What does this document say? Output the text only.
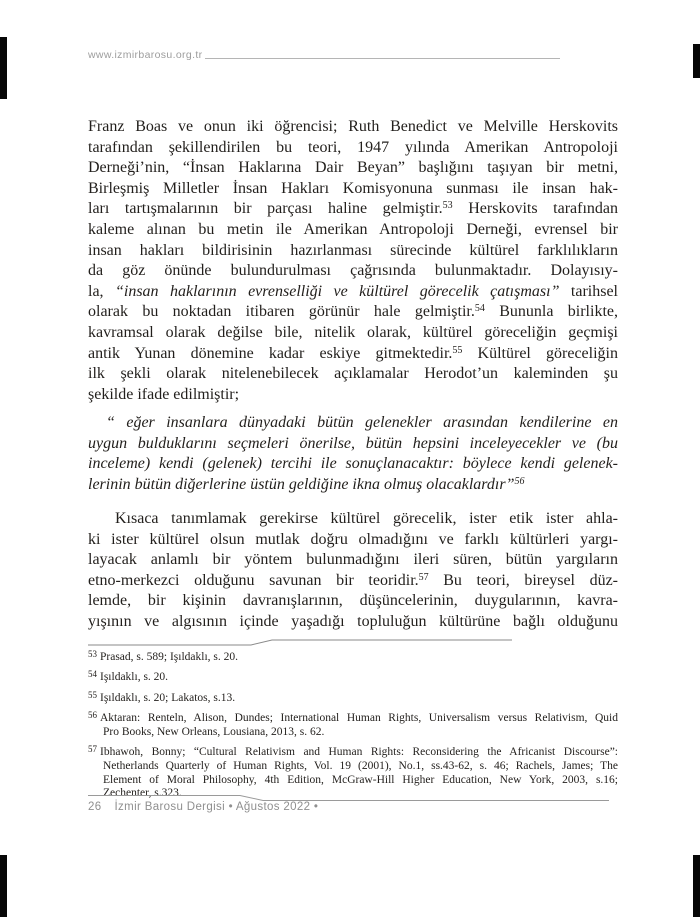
www.izmirbarosu.org.tr
Franz Boas ve onun iki öğrencisi; Ruth Benedict ve Melville Herskovits
tarafından şekillendirilen bu teori, 1947 yılında Amerikan Antropoloji
Derneği’nin, “İnsan Haklarına Dair Beyan” başlığını taşıyan bir metni,
Birleşmiş Milletler İnsan Hakları Komisyonuna sunması ile insan hak-
ları tartışmalarının bir parçası haline gelmiştir.$^{53}$ Herskovits tarafından
kaleme alınan bu metin ile Amerikan Antropoloji Derneği, evrensel bir
insan hakları bildirisinin hazırlanması sürecinde kültürel farklılıkların
da göz önünde bulundurulması çağrısında bulunmaktadır. Dolayısıy-
la, “insan haklarının evrenselliği ve kültürel görecelik çatışması” tarihsel
olarak bu noktadan itibaren görünür hale gelmiştir.$^{54}$ Bununla birlikte,
kavramsal olarak değilse bile, nitelik olarak, kültürel göreceliğin geçmişi
antik Yunan dönemine kadar eskiye gitmektedir.$^{55}$ Kültürel göreceliğin
ilk şekli olarak nitelenebilecek açıklamalar Herodot’un kaleminden şu
şekilde ifade edilmiştir;
“ eğer insanlara dünyadaki bütün gelenekler arasından kendilerine en
uygun bulduklarını seçmeleri önerilse, bütün hepsini inceleyecekler ve (bu
inceleme) kendi (gelenek) tercihi ile sonuçlanacaktır: böylece kendi gelenek-
lerinin bütün diğerlerine üstün geldiğine ikna olmuş olacaklardır”$^{56}$
Kısaca tanımlamak gerekirse kültürel görecelik, ister etik ister ahla-
ki ister kültürel olsun mutlak doğru olmadığını ve farklı kültürleri yargı-
layacak anlamlı bir yöntem bulunmadığını ileri süren, bütün yargıların
etno-merkezci olduğunu savunan bir teoridir.$^{57}$ Bu teori, bireysel düz-
lemde, bir kişinin davranışlarının, düşüncelerinin, duygularının, kavra-
yışının ve algısının içinde yaşadığı topluluğun kültürüne bağlı olduğunu
$^{53}$ Prasad, s. 589; Işıldaklı, s. 20.
$^{54}$ Işıldaklı, s. 20.
$^{55}$ Işıldaklı, s. 20; Lakatos, s.13.
$^{56}$ Aktaran: Renteln, Alison, Dundes; International Human Rights, Universalism versus Relativism, Quid
Pro Books, New Orleans, Lousiana, 2013, s. 62.
$^{57}$ Ibhawoh, Bonny; “Cultural Relativism and Human Rights: Reconsidering the Africanist Discourse”:
Netherlands Quarterly of Human Rights, Vol. 19 (2001), No.1, ss.43-62, s. 46; Rachels, James; The
Element of Moral Philosophy, 4th Edition, McGraw-Hill Higher Education, New York, 2003, s.16;
Zechenter, s.323.
26 İzmir Barosu Dergisi • Ağustos 2022 •
